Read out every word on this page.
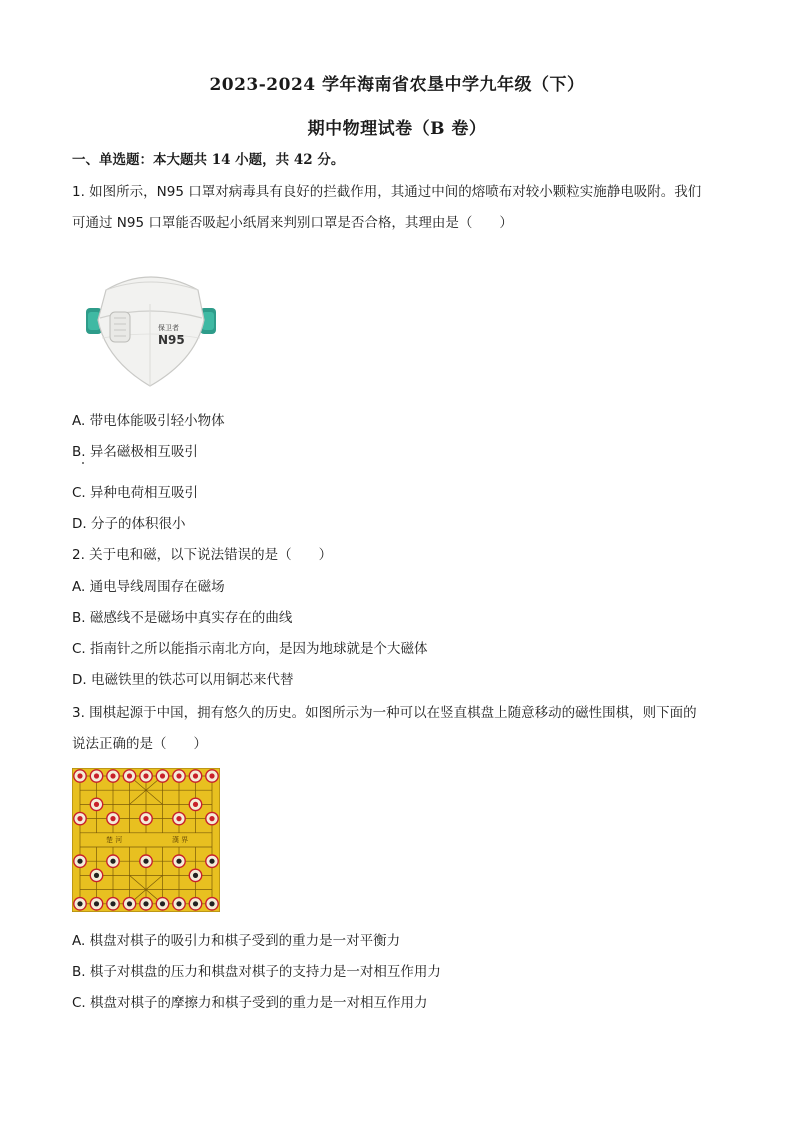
2023-2024 学年海南省农垦中学九年级（下）
期中物理试卷（B 卷）
一、单选题：本大题共 14 小题，共 42 分。
1. 如图所示，N95 口罩对病毒具有良好的拦截作用，其通过中间的熔喷布对较小颗粒实施静电吸附。我们
可通过 N95 口罩能否吸起小纸屑来判别口罩是否合格，其理由是（　　）
保卫者
N95
A. 带电体能吸引轻小物体
B. 异名磁极相互吸引
C. 异种电荷相互吸引
D. 分子的体积很小
2. 关于电和磁，以下说法错误的是（　　）
A. 通电导线周围存在磁场
B. 磁感线不是磁场中真实存在的曲线
C. 指南针之所以能指示南北方向，是因为地球就是个大磁体
D. 电磁铁里的铁芯可以用铜芯来代替
3. 围棋起源于中国，拥有悠久的历史。如图所示为一种可以在竖直棋盘上随意移动的磁性围棋，则下面的
说法正确的是（　　）
楚 河	漢 界
A. 棋盘对棋子的吸引力和棋子受到的重力是一对平衡力
B. 棋子对棋盘的压力和棋盘对棋子的支持力是一对相互作用力
C. 棋盘对棋子的摩擦力和棋子受到的重力是一对相互作用力
